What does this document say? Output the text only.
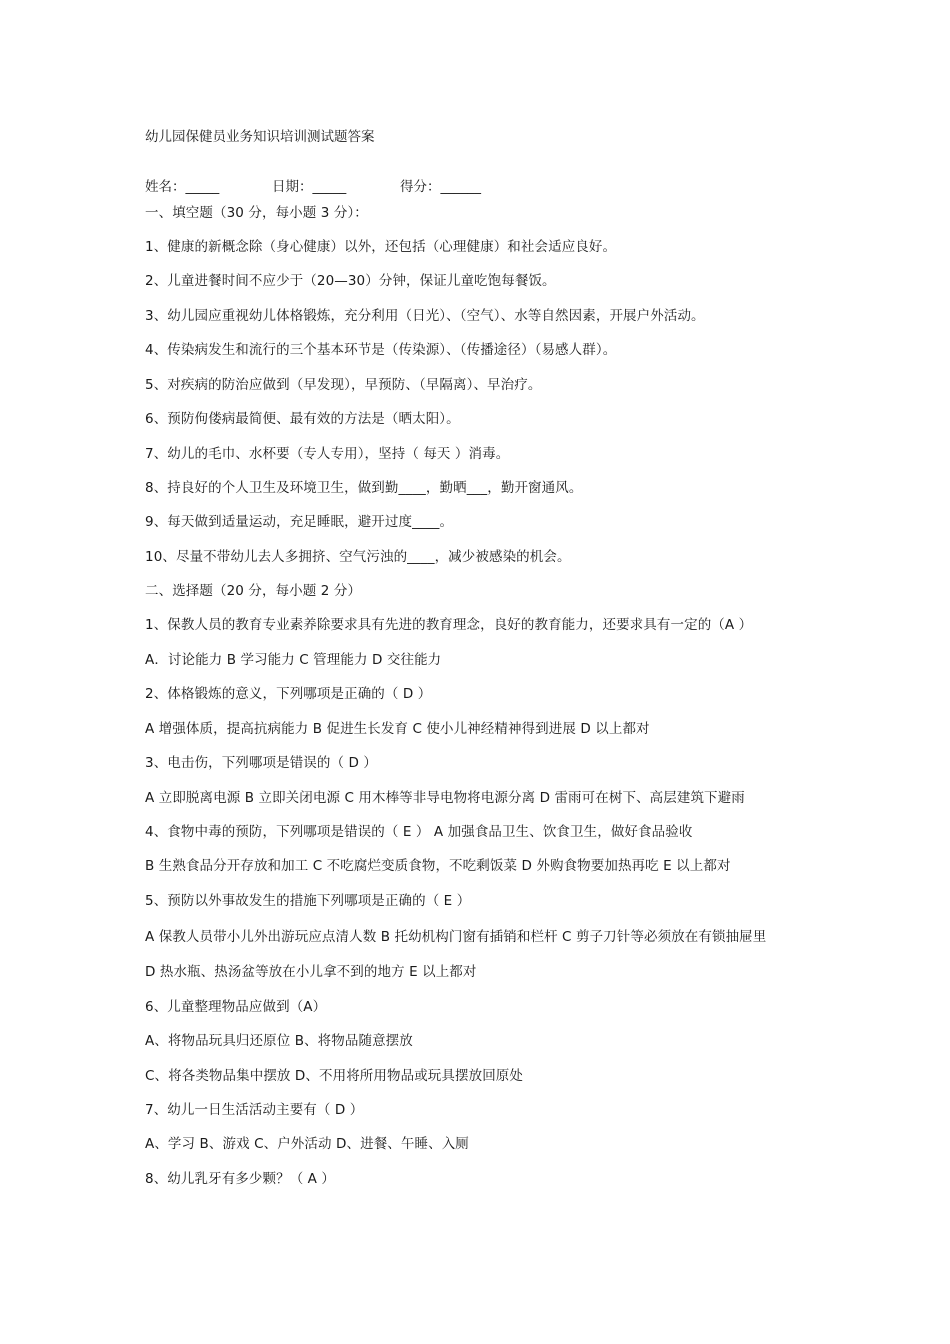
幼儿园保健员业务知识培训测试题答案
姓名：_____	日期：_____	得分：______
一、填空题（30 分，每小题 3 分）：
1、健康的新概念除（身心健康）以外，还包括（心理健康）和社会适应良好。
2、儿童进餐时间不应少于（20—30）分钟，保证儿童吃饱每餐饭。
3、幼儿园应重视幼儿体格锻炼，充分利用（日光）、（空气）、水等自然因素，开展户外活动。
4、传染病发生和流行的三个基本环节是（传染源）、（传播途径）（易感人群）。
5、对疾病的防治应做到（早发现），早预防、（早隔离）、早治疗。
6、预防佝偻病最简便、最有效的方法是（晒太阳）。
7、幼儿的毛巾、水杯要（专人专用），坚持（ 每天 ）消毒。
8、持良好的个人卫生及环境卫生，做到勤____，勤晒___，勤开窗通风。
9、每天做到适量运动，充足睡眠，避开过度____。
10、尽量不带幼儿去人多拥挤、空气污浊的____，减少被感染的机会。
二、选择题（20 分，每小题 2 分）
1、保教人员的教育专业素养除要求具有先进的教育理念，良好的教育能力，还要求具有一定的（A ）
A．讨论能力 B 学习能力 C 管理能力 D 交往能力
2、体格锻炼的意义，下列哪项是正确的（ D ）
A 增强体质，提高抗病能力 B 促进生长发育 C 使小儿神经精神得到进展 D 以上都对
3、电击伤，下列哪项是错误的（ D ）
A 立即脱离电源 B 立即关闭电源 C 用木棒等非导电物将电源分离 D 雷雨可在树下、高层建筑下避雨
4、食物中毒的预防，下列哪项是错误的（ E ） A 加强食品卫生、饮食卫生，做好食品验收
B 生熟食品分开存放和加工 C 不吃腐烂变质食物，不吃剩饭菜 D 外购食物要加热再吃 E 以上都对
5、预防以外事故发生的措施下列哪项是正确的（ E ）
A 保教人员带小儿外出游玩应点清人数 B 托幼机构门窗有插销和栏杆 C 剪子刀针等必须放在有锁抽屉里
D 热水瓶、热汤盆等放在小儿拿不到的地方 E 以上都对
6、儿童整理物品应做到（A）
A、将物品玩具归还原位 B、将物品随意摆放
C、将各类物品集中摆放 D、不用将所用物品或玩具摆放回原处
7、幼儿一日生活活动主要有（ D ）
A、学习 B、游戏 C、户外活动 D、进餐、午睡、入厕
8、幼儿乳牙有多少颗？（ A ）
